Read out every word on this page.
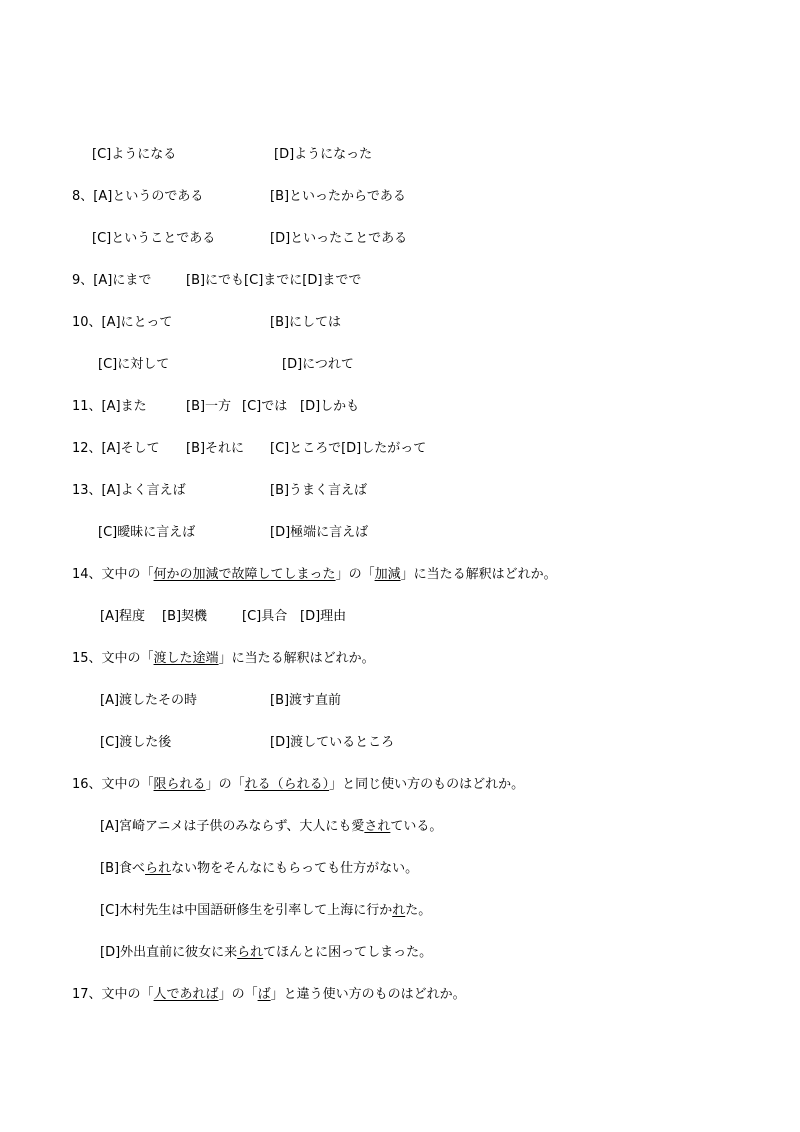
[C]ようになる	[D]ようになった
8、[A]というのである	[B]といったからである
[C]ということである	[D]といったことである
9、[A]にまで	[B]にでも[C]までに[D]までで
10、[A]にとって	[B]にしては
[C]に対して	[D]につれて
11、[A]また	[B]一方 [C]では [D]しかも
12、[A]そして [B]それに [C]ところで[D]したがって
13、[A]よく言えば	[B]うまく言えば
[C]曖昧に言えば	[D]極端に言えば
14、文中の「何かの加減で故障してしまった」の「加減」に当たる解釈はどれか。
[A]程度 [B]契機	[C]具合 [D]理由
15、文中の「渡した途端」に当たる解釈はどれか。
[A]渡したその時	[B]渡す直前
[C]渡した後	[D]渡しているところ
16、文中の「限られる」の「れる（られる）」と同じ使い方のものはどれか。
[A]宮崎アニメは子供のみならず、大人にも愛されている。
[B]食べられない物をそんなにもらっても仕方がない。
[C]木村先生は中国語研修生を引率して上海に行かれた。
[D]外出直前に彼女に来られてほんとに困ってしまった。
17、文中の「人であれば」の「ば」と違う使い方のものはどれか。
